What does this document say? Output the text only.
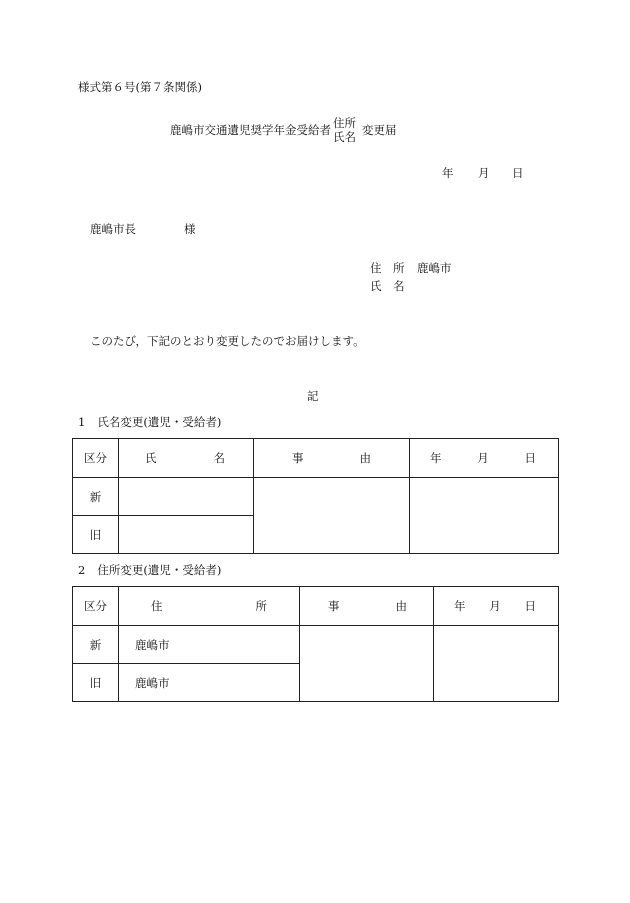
様式第６号(第７条関係)
鹿嶋市交通遺児奨学年金受給者 住所
氏名 変更届
年 月 日
鹿嶋市長	様
住 所 鹿嶋市
氏 名
このたび，下記のとおり変更したのでお届けします。
記
1 氏名変更(遺児・受給者)
区分	氏 名	事 由	年 月 日

新			
旧			
2 住所変更(遺児・受給者)
区分	住 所	事 由	年 月 日

新	鹿嶋市		
旧	鹿嶋市		
